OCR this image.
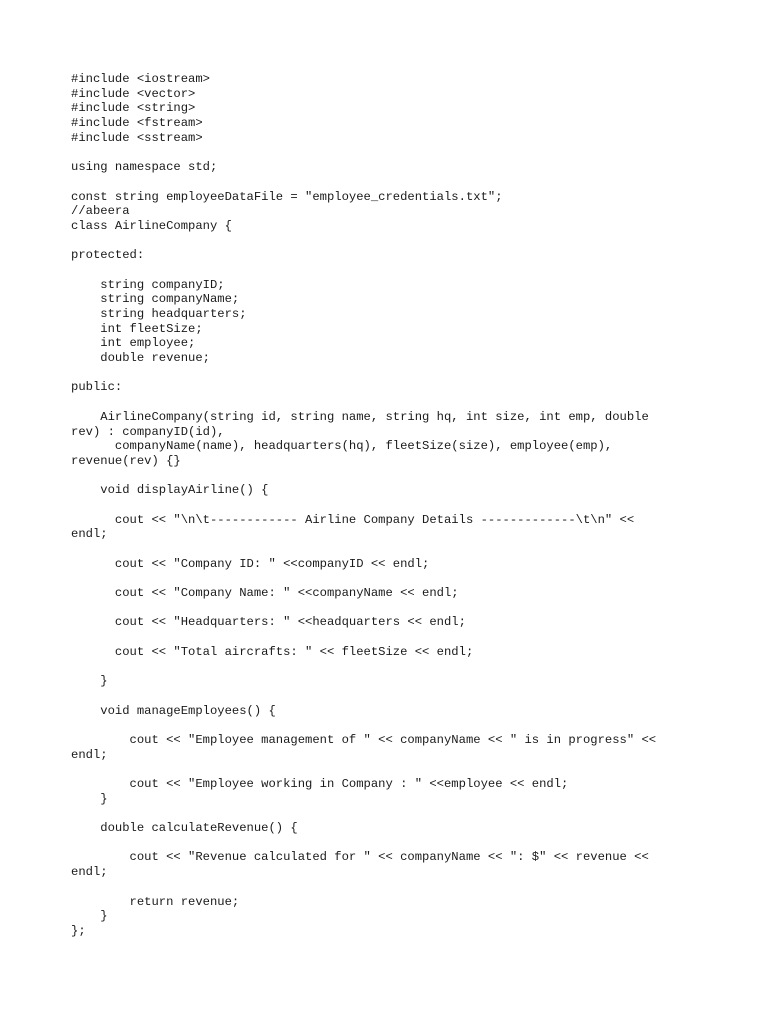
#include <iostream>
#include <vector>
#include <string>
#include <fstream>
#include <sstream>
using namespace std;
const string employeeDataFile = "employee_credentials.txt";
//abeera
class AirlineCompany {
protected:
string companyID;
string companyName;
string headquarters;
int fleetSize;
int employee;
double revenue;
public:
AirlineCompany(string id, string name, string hq, int size, int emp, double
rev) : companyID(id),
companyName(name), headquarters(hq), fleetSize(size), employee(emp),
revenue(rev) {}
void displayAirline() {
cout << "\n\t------------ Airline Company Details -------------\t\n" <<
endl;
cout << "Company ID: " <<companyID << endl;
cout << "Company Name: " <<companyName << endl;
cout << "Headquarters: " <<headquarters << endl;
cout << "Total aircrafts: " << fleetSize << endl;
}
void manageEmployees() {
cout << "Employee management of " << companyName << " is in progress" <<
endl;
cout << "Employee working in Company : " <<employee << endl;
}
double calculateRevenue() {
cout << "Revenue calculated for " << companyName << ": $" << revenue <<
endl;
return revenue;
}
};
